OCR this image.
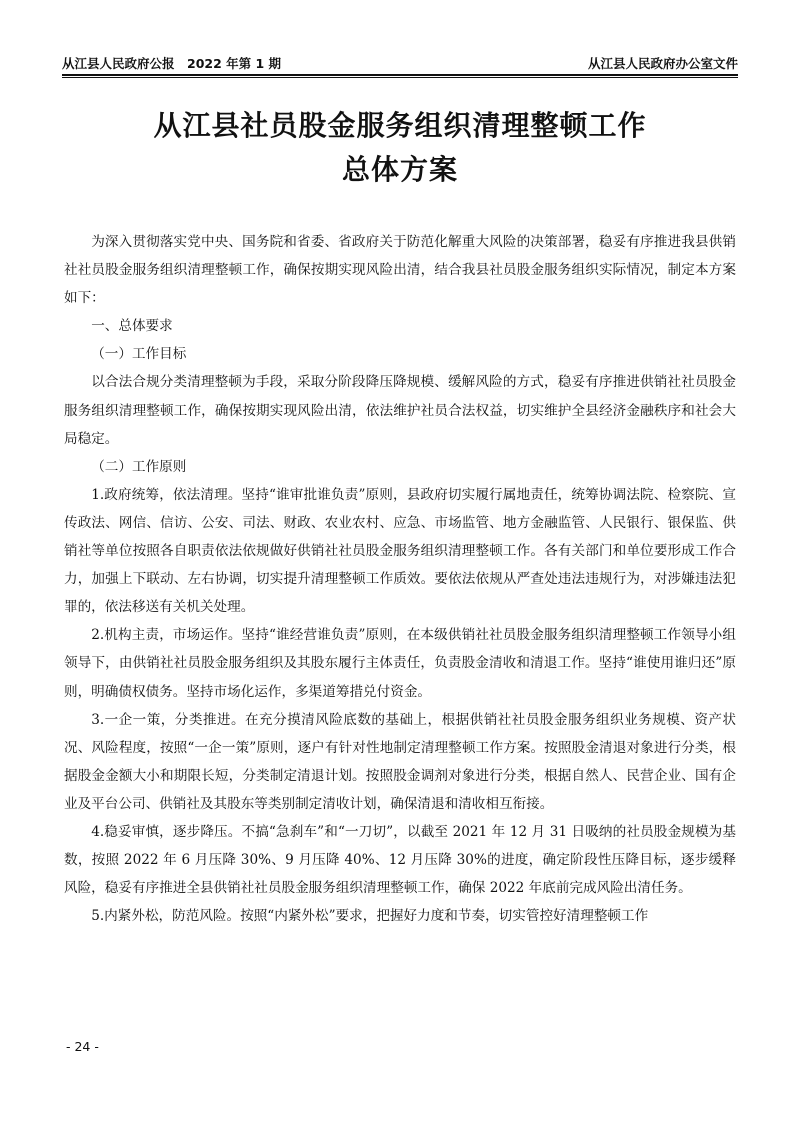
从江县人民政府公报　2022 年第 1 期	从江县人民政府办公室文件
从江县社员股金服务组织清理整顿工作
总体方案

为深入贯彻落实党中央、国务院和省委、省政府关于防范化解重大风险的决策部署，稳妥有序推进我县供销社社员股金服务组织清理整顿工作，确保按期实现风险出清，结合我县社员股金服务组织实际情况，制定本方案如下：

一、总体要求

（一）工作目标

以合法合规分类清理整顿为手段，采取分阶段降压降规模、缓解风险的方式，稳妥有序推进供销社社员股金服务组织清理整顿工作，确保按期实现风险出清，依法维护社员合法权益，切实维护全县经济金融秩序和社会大局稳定。

（二）工作原则

1.政府统筹，依法清理。坚持“谁审批谁负责”原则，县政府切实履行属地责任，统筹协调法院、检察院、宣传政法、网信、信访、公安、司法、财政、农业农村、应急、市场监管、地方金融监管、人民银行、银保监、供销社等单位按照各自职责依法依规做好供销社社员股金服务组织清理整顿工作。各有关部门和单位要形成工作合力，加强上下联动、左右协调，切实提升清理整顿工作质效。要依法依规从严查处违法违规行为，对涉嫌违法犯罪的，依法移送有关机关处理。

2.机构主责，市场运作。坚持“谁经营谁负责”原则，在本级供销社社员股金服务组织清理整顿工作领导小组领导下，由供销社社员股金服务组织及其股东履行主体责任，负责股金清收和清退工作。坚持“谁使用谁归还”原则，明确债权债务。坚持市场化运作，多渠道筹措兑付资金。

3.一企一策，分类推进。在充分摸清风险底数的基础上，根据供销社社员股金服务组织业务规模、资产状况、风险程度，按照“一企一策”原则，逐户有针对性地制定清理整顿工作方案。按照股金清退对象进行分类，根据股金金额大小和期限长短，分类制定清退计划。按照股金调剂对象进行分类，根据自然人、民营企业、国有企业及平台公司、供销社及其股东等类别制定清收计划，确保清退和清收相互衔接。

4.稳妥审慎，逐步降压。不搞“急刹车”和“一刀切”，以截至 2021 年 12 月 31 日吸纳的社员股金规模为基数，按照 2022 年 6 月压降 30%、9 月压降 40%、12 月压降 30%的进度，确定阶段性压降目标，逐步缓释风险，稳妥有序推进全县供销社社员股金服务组织清理整顿工作，确保 2022 年底前完成风险出清任务。

5.内紧外松，防范风险。按照“内紧外松”要求，把握好力度和节奏，切实管控好清理整顿工作

- 24 -
